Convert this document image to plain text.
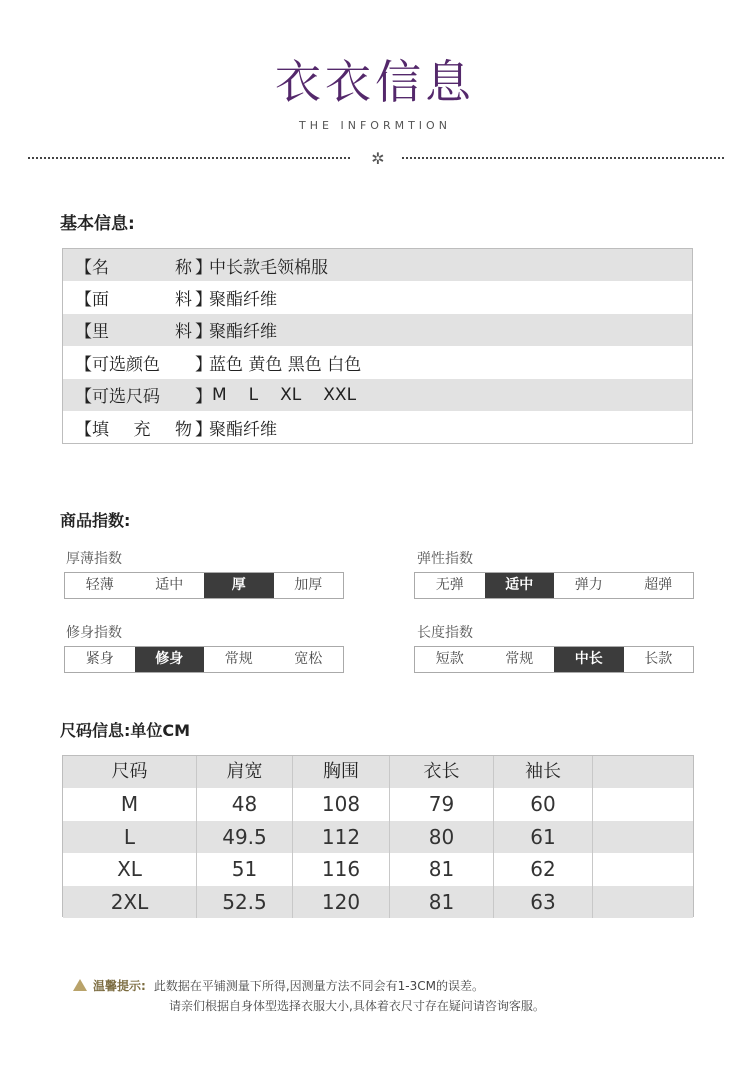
衣衣信息
THE INFORMTION
✲
基本信息:
【 名	称 】
中长款毛领棉服
【 面	料 】
聚酯纤维
【 里	料 】
聚酯纤维
【 可选颜色 】
蓝色 黄色 黑色 白色
【 可选尺码 】 M L XL XXL
【 填 充 物 】
聚酯纤维
商品指数:
厚薄指数
轻薄	适中	厚	加厚
弹性指数
无弹	适中	弹力	超弹
修身指数
紧身	修身	常规	宽松
长度指数
短款	常规	中长	长款
尺码信息:单位CM
尺码	肩宽	胸围	衣长	袖长
M	48	108	79	60
L	49.5	112	80	61
XL	51	116	81	62
2XL	52.5	120	81	63
温馨提示: 此数据在平铺测量下所得,因测量方法不同会有1-3CM的误差。
请亲们根据自身体型选择衣服大小,具体着衣尺寸存在疑问请咨询客服。
